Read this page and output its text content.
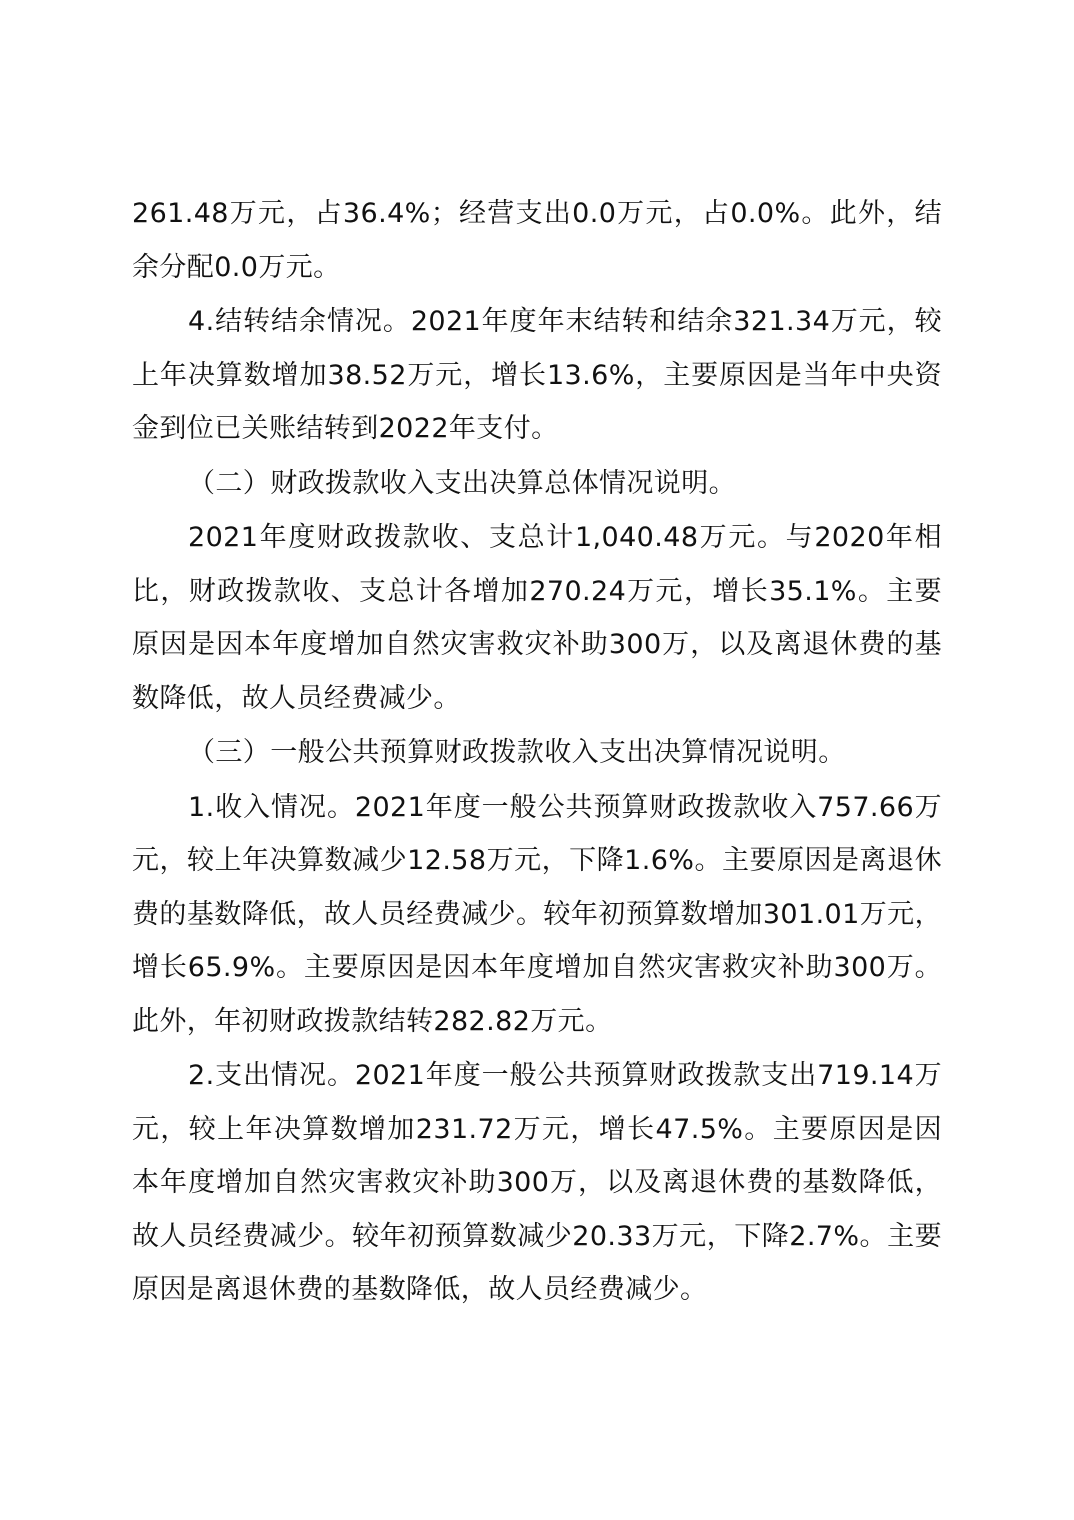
261.48万元，占36.4%；经营支出0.0万元，占0.0%。此外，结余分配0.0万元。

4.结转结余情况。2021年度年末结转和结余321.34万元，较上年决算数增加38.52万元，增长13.6%，主要原因是当年中央资金到位已关账结转到2022年支付。

（二）财政拨款收入支出决算总体情况说明。

2021年度财政拨款收、支总计1,040.48万元。与2020年相比，财政拨款收、支总计各增加270.24万元，增长35.1%。主要原因是因本年度增加自然灾害救灾补助300万，以及离退休费的基数降低，故人员经费减少。

（三）一般公共预算财政拨款收入支出决算情况说明。

1.收入情况。2021年度一般公共预算财政拨款收入757.66万元，较上年决算数减少12.58万元，下降1.6%。主要原因是离退休费的基数降低，故人员经费减少。较年初预算数增加301.01万元，增长65.9%。主要原因是因本年度增加自然灾害救灾补助300万。此外，年初财政拨款结转282.82万元。

2.支出情况。2021年度一般公共预算财政拨款支出719.14万元，较上年决算数增加231.72万元，增长47.5%。主要原因是因本年度增加自然灾害救灾补助300万，以及离退休费的基数降低，故人员经费减少。较年初预算数减少20.33万元，下降2.7%。主要原因是离退休费的基数降低，故人员经费减少。
